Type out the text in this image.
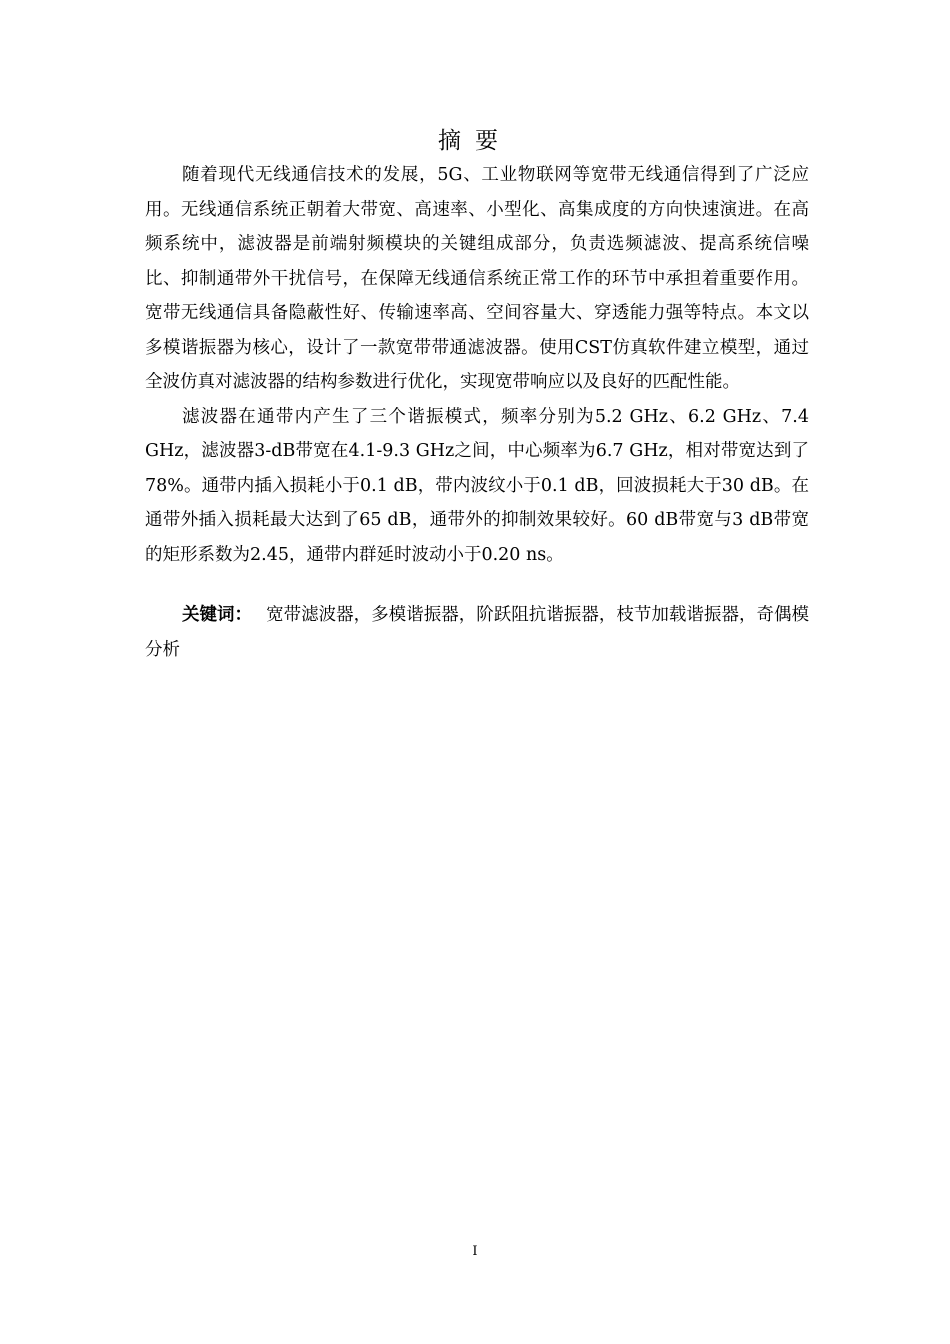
摘要

随着现代无线通信技术的发展，5G、工业物联网等宽带无线通信得到了广泛应用。无线通信系统正朝着大带宽、高速率、小型化、高集成度的方向快速演进。在高频系统中，滤波器是前端射频模块的关键组成部分，负责选频滤波、提高系统信噪比、抑制通带外干扰信号，在保障无线通信系统正常工作的环节中承担着重要作用。宽带无线通信具备隐蔽性好、传输速率高、空间容量大、穿透能力强等特点。本文以多模谐振器为核心，设计了一款宽带带通滤波器。使用CST仿真软件建立模型，通过全波仿真对滤波器的结构参数进行优化，实现宽带响应以及良好的匹配性能。

滤波器在通带内产生了三个谐振模式，频率分别为5.2 GHz、6.2 GHz、7.4 GHz，滤波器3-dB带宽在4.1-9.3 GHz之间，中心频率为6.7 GHz，相对带宽达到了78%。通带内插入损耗小于0.1 dB，带内波纹小于0.1 dB，回波损耗大于30 dB。在通带外插入损耗最大达到了65 dB，通带外的抑制效果较好。60 dB带宽与3 dB带宽的矩形系数为2.45，通带内群延时波动小于0.20 ns。

关键词： 宽带滤波器，多模谐振器，阶跃阻抗谐振器，枝节加载谐振器，奇偶模分析

I
